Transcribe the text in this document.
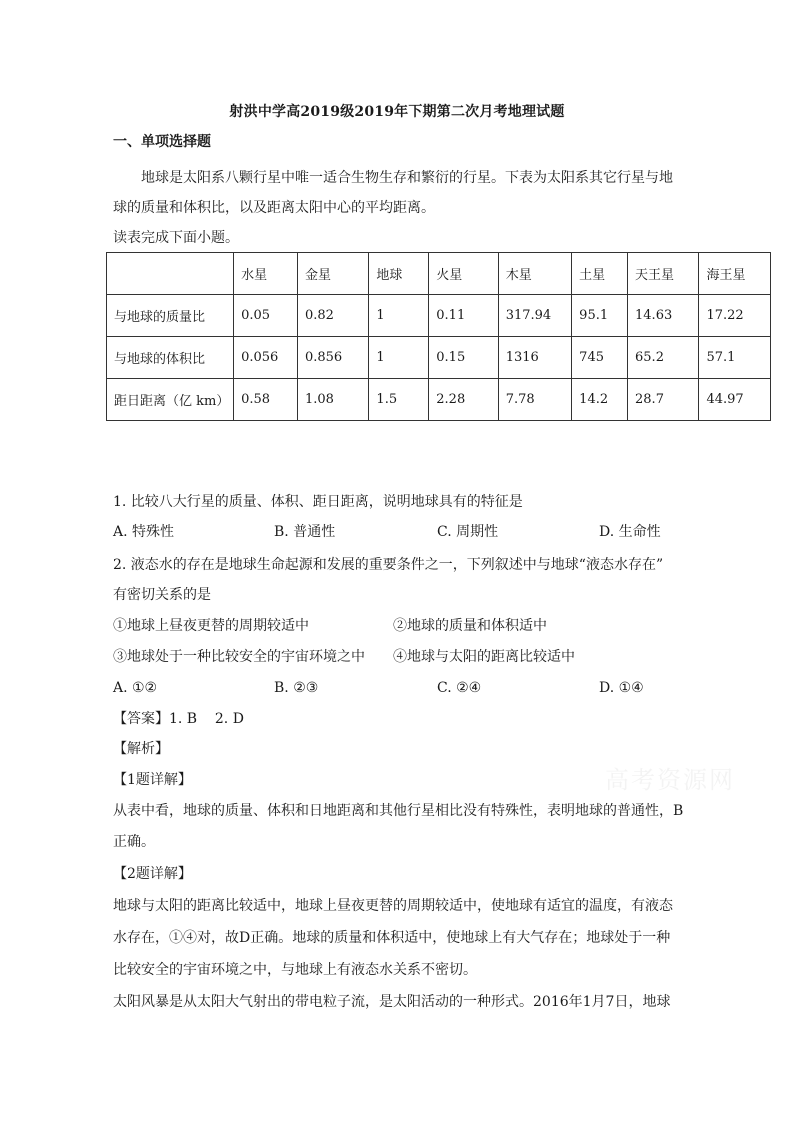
射洪中学高2019级2019年下期第二次月考地理试题
一、单项选择题
地球是太阳系八颗行星中唯一适合生物生存和繁衍的行星。下表为太阳系其它行星与地
球的质量和体积比，以及距离太阳中心的平均距离。
读表完成下面小题。
	水星	金星	地球	火星	木星	土星	天王星	海王星
与地球的质量比	0.05	0.82	1	0.11	317.94	95.1	14.63	17.22
与地球的体积比	0.056	0.856	1	0.15	1316	745	65.2	57.1
距日距离（亿 km）	0.58	1.08	1.5	2.28	7.78	14.2	28.7	44.97
1. 比较八大行星的质量、体积、距日距离，说明地球具有的特征是
A. 特殊性	B. 普通性	C. 周期性	D. 生命性
2. 液态水的存在是地球生命起源和发展的重要条件之一，下列叙述中与地球“液态水存在”
有密切关系的是
①地球上昼夜更替的周期较适中	②地球的质量和体积适中
③地球处于一种比较安全的宇宙环境之中 ④地球与太阳的距离比较适中
A. ①②	B. ②③	C. ②④	D. ①④
【答案】1. B    2. D
【解析】
【1题详解】
从表中看，地球的质量、体积和日地距离和其他行星相比没有特殊性，表明地球的普通性，B
正确。
【2题详解】
地球与太阳的距离比较适中，地球上昼夜更替的周期较适中，使地球有适宜的温度，有液态
水存在，①④对，故D正确。地球的质量和体积适中，使地球上有大气存在；地球处于一种
比较安全的宇宙环境之中，与地球上有液态水关系不密切。
太阳风暴是从太阳大气射出的带电粒子流，是太阳活动的一种形式。2016年1月7日，地球
高考资源网
